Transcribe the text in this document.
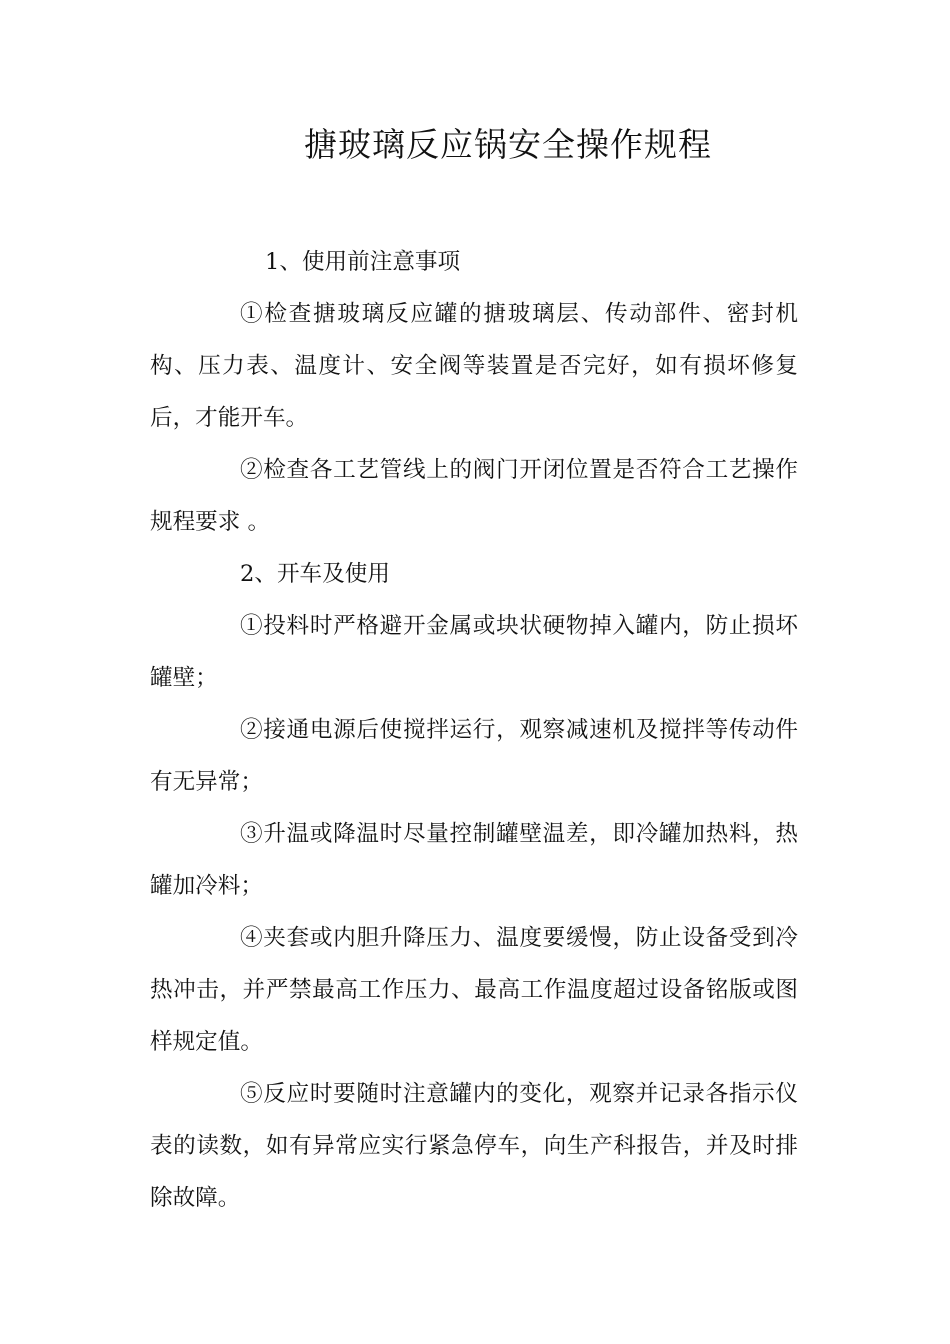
搪玻璃反应锅安全操作规程

1、使用前注意事项

①检查搪玻璃反应罐的搪玻璃层、传动部件、密封机构、压力表、温度计、安全阀等装置是否完好，如有损坏修复后，才能开车。

②检查各工艺管线上的阀门开闭位置是否符合工艺操作规程要求 。

2、开车及使用

①投料时严格避开金属或块状硬物掉入罐内，防止损坏罐壁；

②接通电源后使搅拌运行，观察减速机及搅拌等传动件有无异常；

③升温或降温时尽量控制罐壁温差，即冷罐加热料，热罐加冷料；

④夹套或内胆升降压力、温度要缓慢，防止设备受到冷热冲击，并严禁最高工作压力、最高工作温度超过设备铭版或图样规定值。

⑤反应时要随时注意罐内的变化，观察并记录各指示仪表的读数，如有异常应实行紧急停车，向生产科报告，并及时排除故障。
